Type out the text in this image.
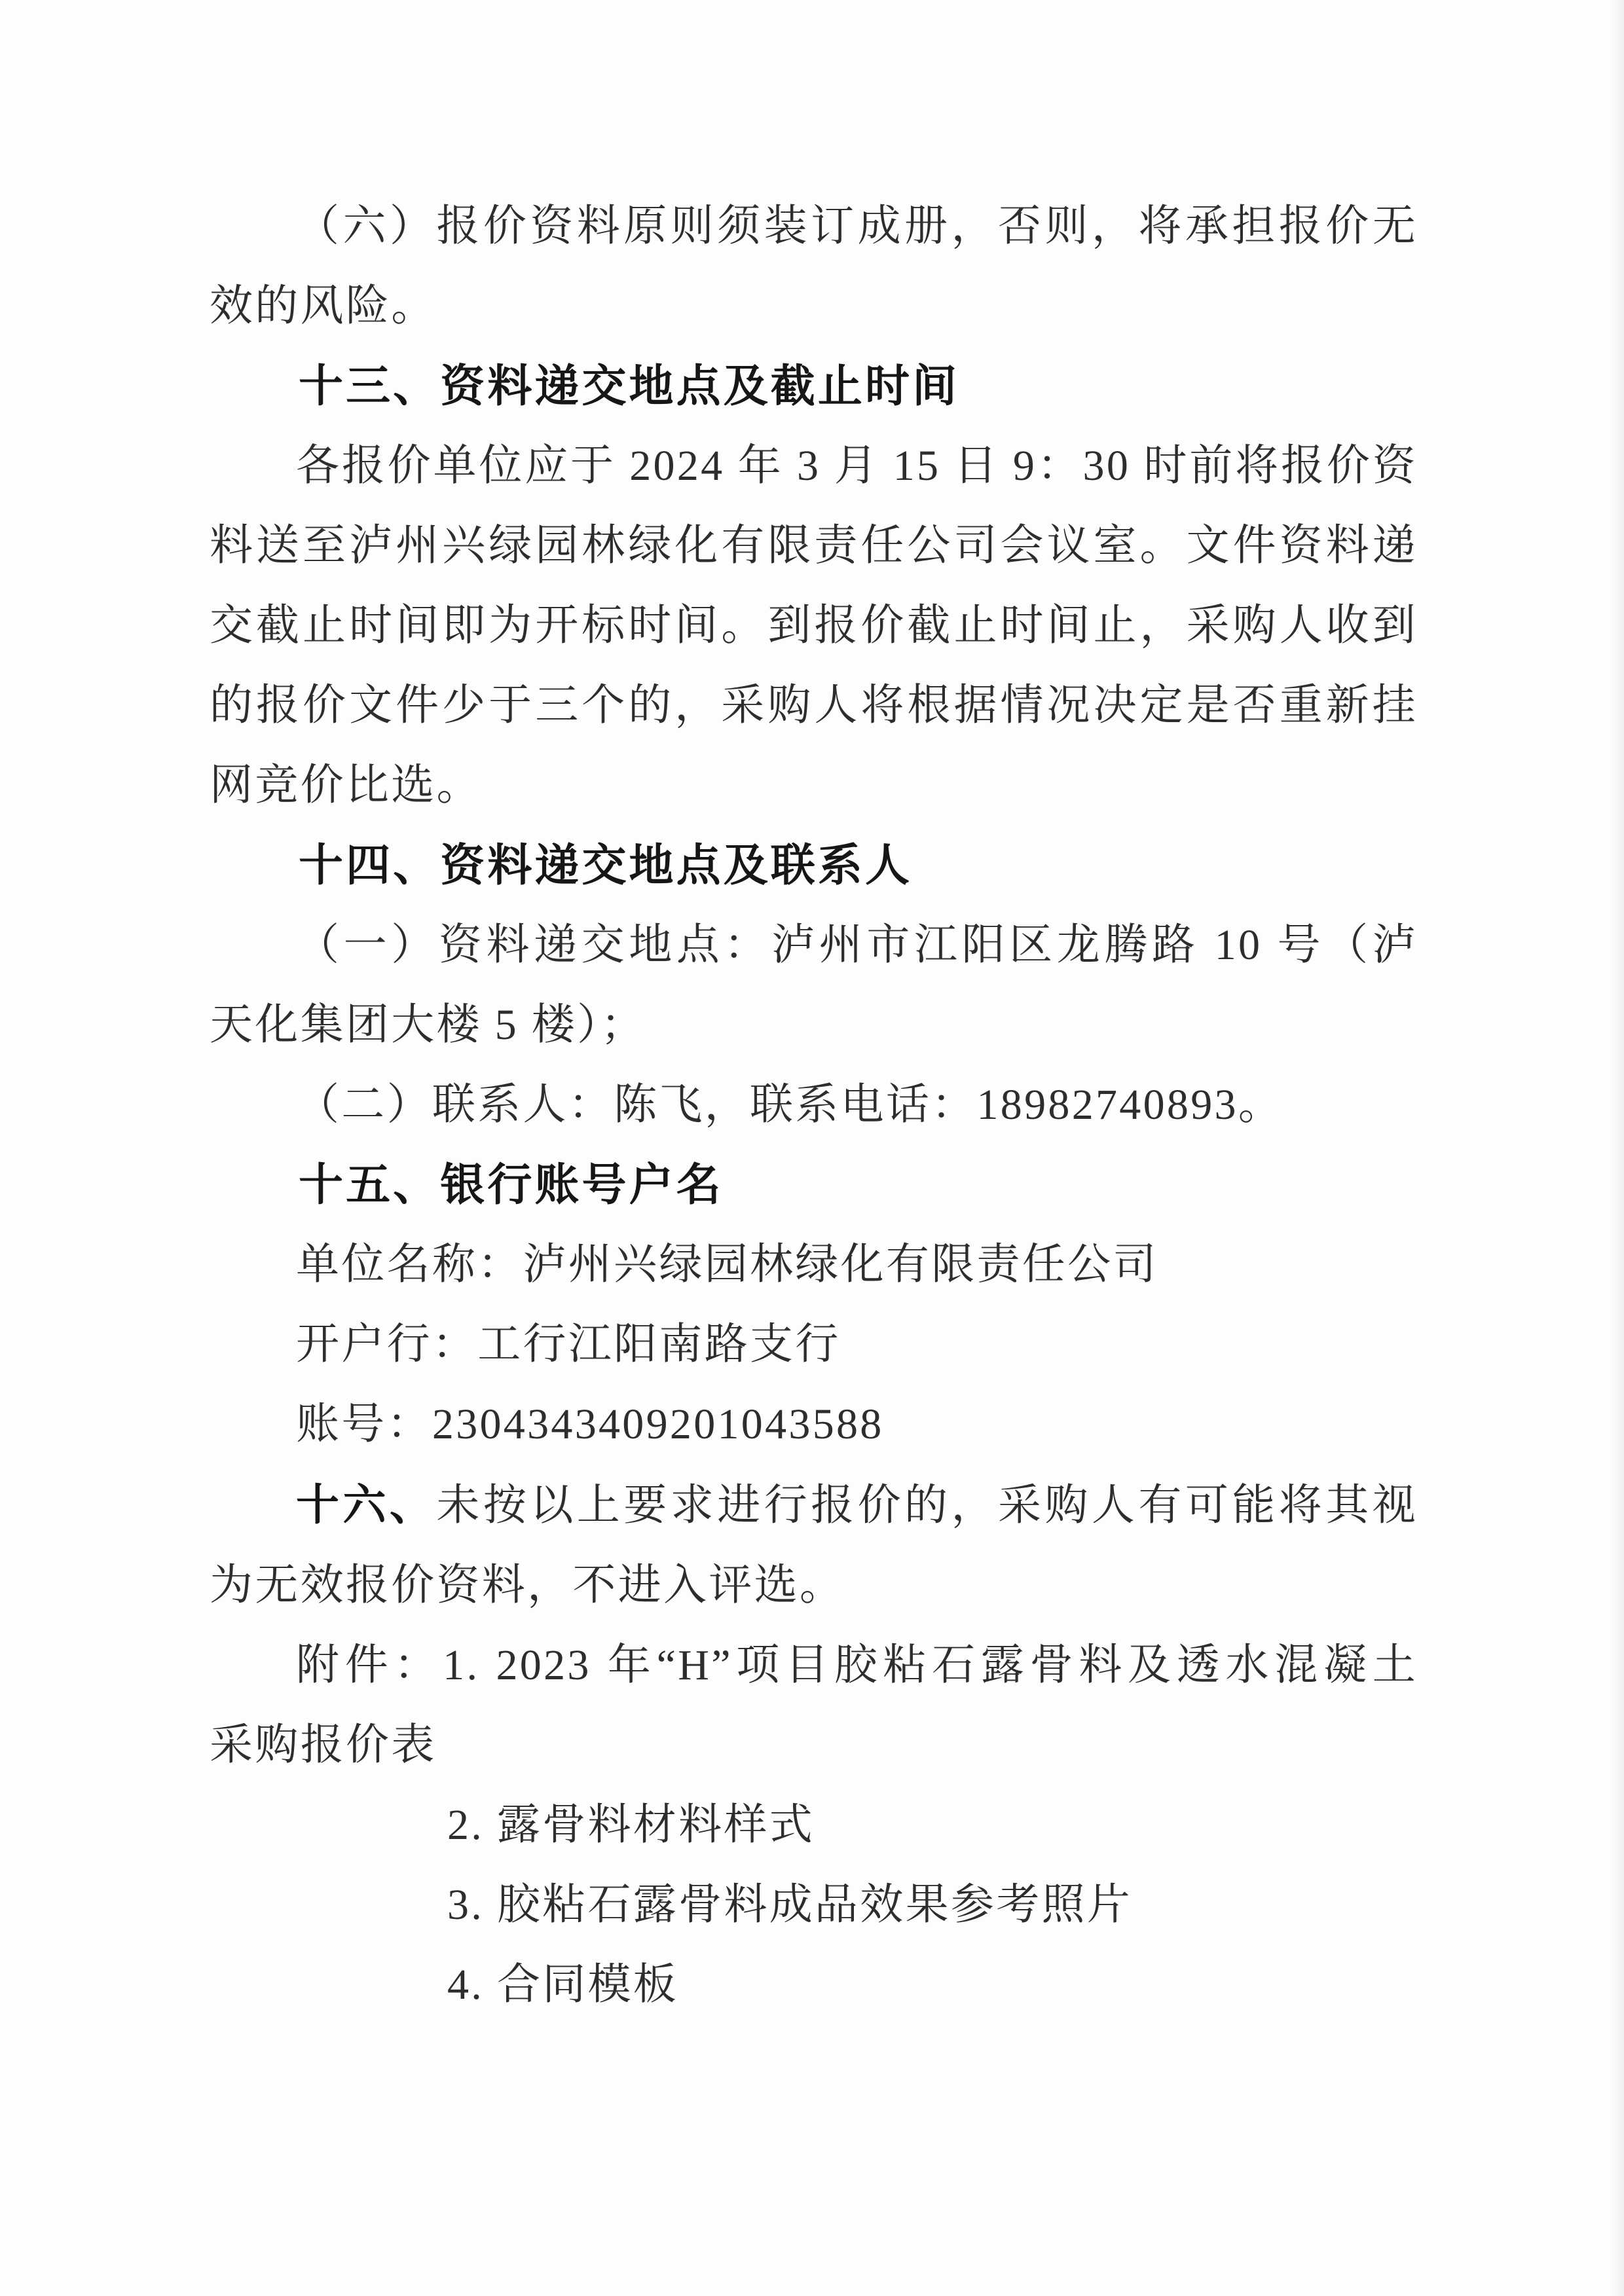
（六）报价资料原则须装订成册，否则，将承担报价无
效的风险。
十三、资料递交地点及截止时间
各报价单位应于 2024 年 3 月 15 日 9：30 时前将报价资
料送至泸州兴绿园林绿化有限责任公司会议室。文件资料递
交截止时间即为开标时间。到报价截止时间止，采购人收到
的报价文件少于三个的，采购人将根据情况决定是否重新挂
网竞价比选。
十四、资料递交地点及联系人
（一）资料递交地点：泸州市江阳区龙腾路 10 号（泸
天化集团大楼 5 楼）；
（二）联系人：陈飞，联系电话：18982740893。
十五、银行账号户名
单位名称：泸州兴绿园林绿化有限责任公司
开户行：工行江阳南路支行
账号：2304343409201043588
十六、未按以上要求进行报价的，采购人有可能将其视
为无效报价资料，不进入评选。
附件：1. 2023 年“H”项目胶粘石露骨料及透水混凝土
采购报价表
2. 露骨料材料样式
3. 胶粘石露骨料成品效果参考照片
4. 合同模板
